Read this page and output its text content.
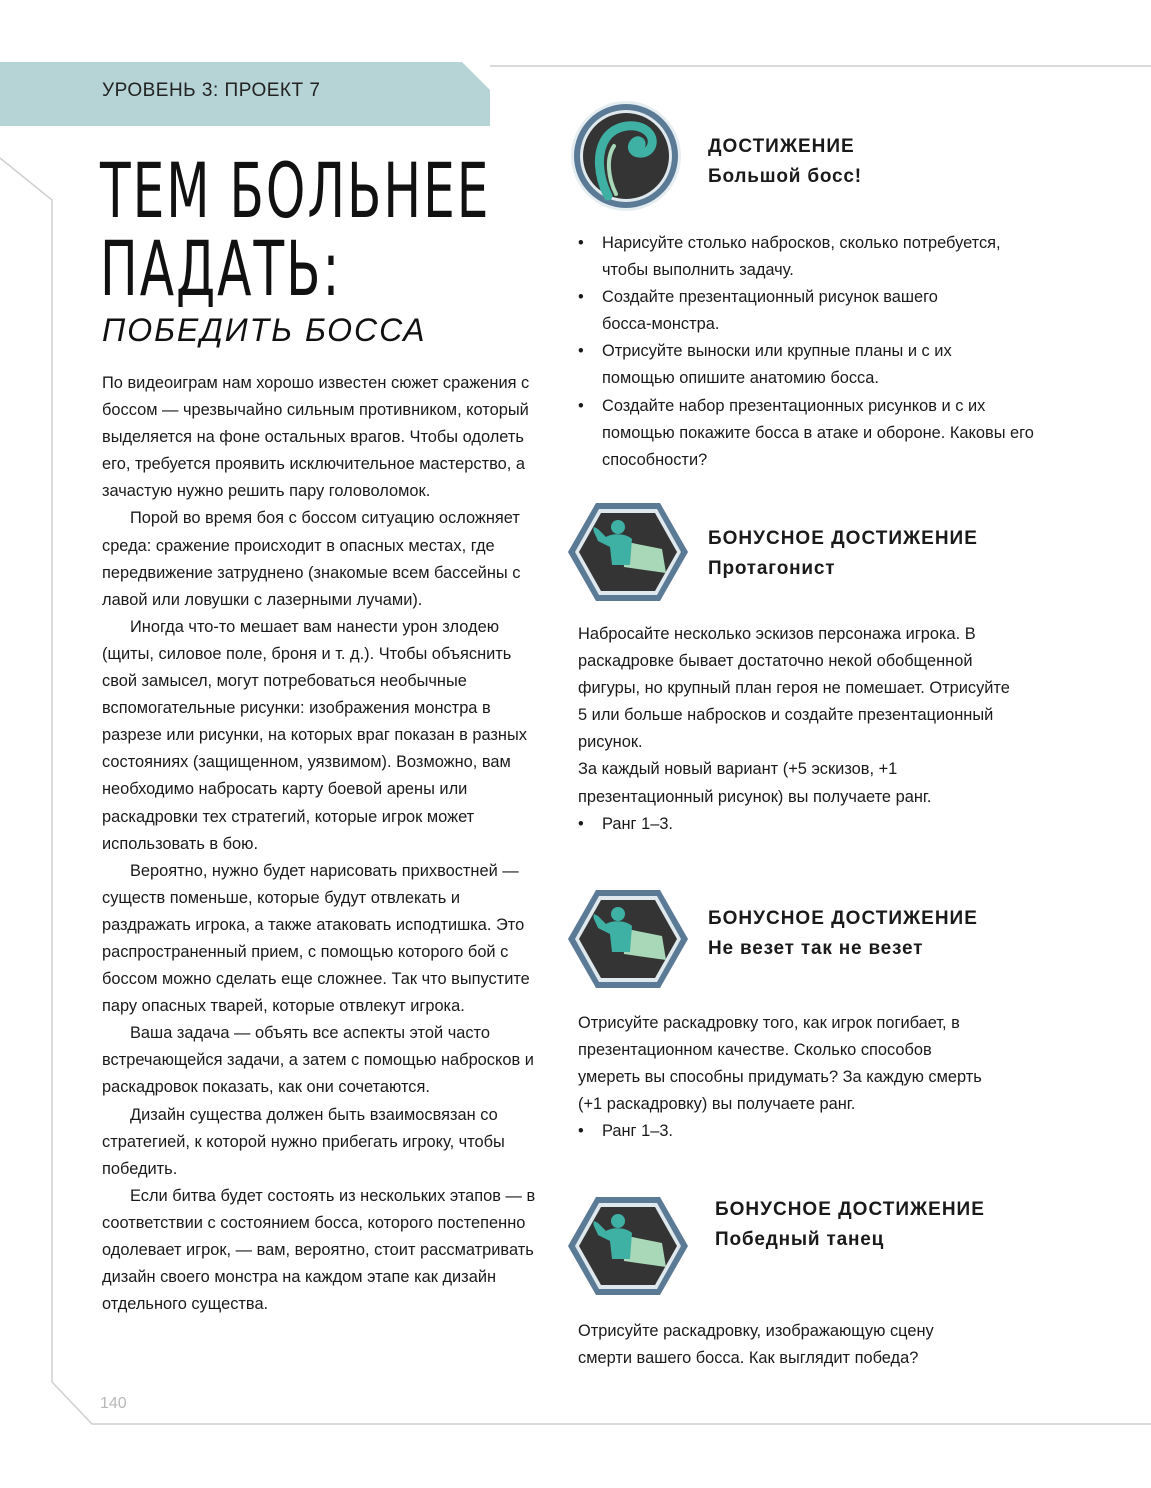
УРОВЕНЬ 3: ПРОЕКТ 7
ТЕМ БОЛЬНЕЕ
ПАДАТЬ:
ПОБЕДИТЬ БОССА

По видеоиграм нам хорошо известен сюжет сражения с боссом — чрезвычайно сильным противником, который выделяется на фоне остальных врагов. Чтобы одолеть его, требуется проявить исключительное мастерство, а зачастую нужно решить пару головоломок.

Порой во время боя с боссом ситуацию осложняет среда: сражение происходит в опасных местах, где передвижение затруднено (знакомые всем бассейны с лавой или ловушки с лазерными лучами).

Иногда что-то мешает вам нанести урон злодею (щиты, силовое поле, броня и т. д.). Чтобы объяснить свой замысел, могут потребоваться необычные вспомогательные рисунки: изображения монстра в разрезе или рисунки, на которых враг показан в разных состояниях (защищенном, уязвимом). Возможно, вам необходимо набросать карту боевой арены или раскадровки тех стратегий, которые игрок может использовать в бою.

Вероятно, нужно будет нарисовать прихвостней — существ поменьше, которые будут отвлекать и раздражать игрока, а также атаковать исподтишка. Это распространенный прием, с помощью которого бой с боссом можно сделать еще сложнее. Так что выпустите пару опасных тварей, которые отвлекут игрока.

Ваша задача — объять все аспекты этой часто встречающейся задачи, а затем с помощью набросков и раскадровок показать, как они сочетаются.

Дизайн существа должен быть взаимосвязан со стратегией, к которой нужно прибегать игроку, чтобы победить.

Если битва будет состоять из нескольких этапов — в соответствии с состоянием босса, которого постепенно одолевает игрок, — вам, вероятно, стоит рассматривать дизайн своего монстра на каждом этапе как дизайн отдельного существа.

ДОСТИЖЕНИЕ
Большой босс!
• Нарисуйте столько набросков, сколько потребуется, чтобы выполнить задачу.
• Создайте презентационный рисунок вашего босса-монстра.
• Отрисуйте выноски или крупные планы и с их помощью опишите анатомию босса.
• Создайте набор презентационных рисунков и с их помощью покажите босса в атаке и обороне. Каковы его способности?
БОНУСНОЕ ДОСТИЖЕНИЕ
Протагонист

Набросайте несколько эскизов персонажа игрока. В раскадровке бывает достаточно некой обобщенной фигуры, но крупный план героя не помешает. Отрисуйте 5 или больше набросков и создайте презентационный рисунок.

За каждый новый вариант (+5 эскизов, +1 презентационный рисунок) вы получаете ранг.

• Ранг 1–3.
БОНУСНОЕ ДОСТИЖЕНИЕ
Не везет так не везет

Отрисуйте раскадровку того, как игрок погибает, в презентационном качестве. Сколько способов умереть вы способны придумать? За каждую смерть (+1 раскадровку) вы получаете ранг.

• Ранг 1–3.
БОНУСНОЕ ДОСТИЖЕНИЕ
Победный танец

Отрисуйте раскадровку, изображающую сцену смерти вашего босса. Как выглядит победа?

140
